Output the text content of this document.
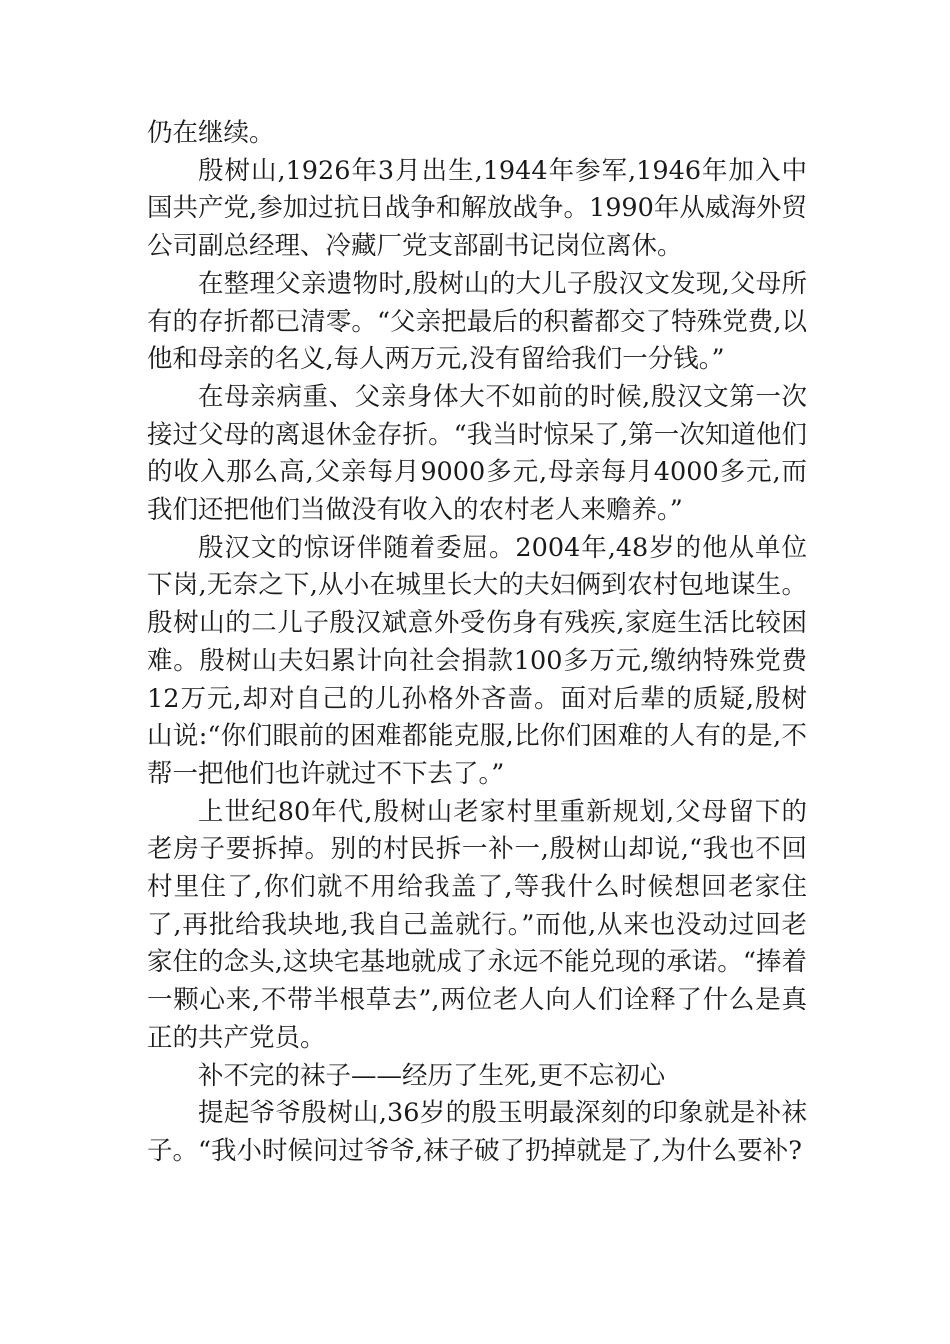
仍在继续。

殷树山,1926年3月出生,1944年参军,1946年加入中国共产党,参加过抗日战争和解放战争。1990年从威海外贸公司副总经理、冷藏厂党支部副书记岗位离休。

在整理父亲遗物时,殷树山的大儿子殷汉文发现,父母所有的存折都已清零。“父亲把最后的积蓄都交了特殊党费,以他和母亲的名义,每人两万元,没有留给我们一分钱。”

在母亲病重、父亲身体大不如前的时候,殷汉文第一次接过父母的离退休金存折。“我当时惊呆了,第一次知道他们的收入那么高,父亲每月9000多元,母亲每月4000多元,而我们还把他们当做没有收入的农村老人来赡养。”

殷汉文的惊讶伴随着委屈。2004年,48岁的他从单位下岗,无奈之下,从小在城里长大的夫妇俩到农村包地谋生。殷树山的二儿子殷汉斌意外受伤身有残疾,家庭生活比较困难。殷树山夫妇累计向社会捐款100多万元,缴纳特殊党费12万元,却对自己的儿孙格外吝啬。面对后辈的质疑,殷树山说:“你们眼前的困难都能克服,比你们困难的人有的是,不帮一把他们也许就过不下去了。”

上世纪80年代,殷树山老家村里重新规划,父母留下的老房子要拆掉。别的村民拆一补一,殷树山却说,“我也不回村里住了,你们就不用给我盖了,等我什么时候想回老家住了,再批给我块地,我自己盖就行。”而他,从来也没动过回老家住的念头,这块宅基地就成了永远不能兑现的承诺。“捧着一颗心来,不带半根草去”,两位老人向人们诠释了什么是真正的共产党员。

补不完的袜子——经历了生死,更不忘初心

提起爷爷殷树山,36岁的殷玉明最深刻的印象就是补袜子。“我小时候问过爷爷,袜子破了扔掉就是了,为什么要补?
